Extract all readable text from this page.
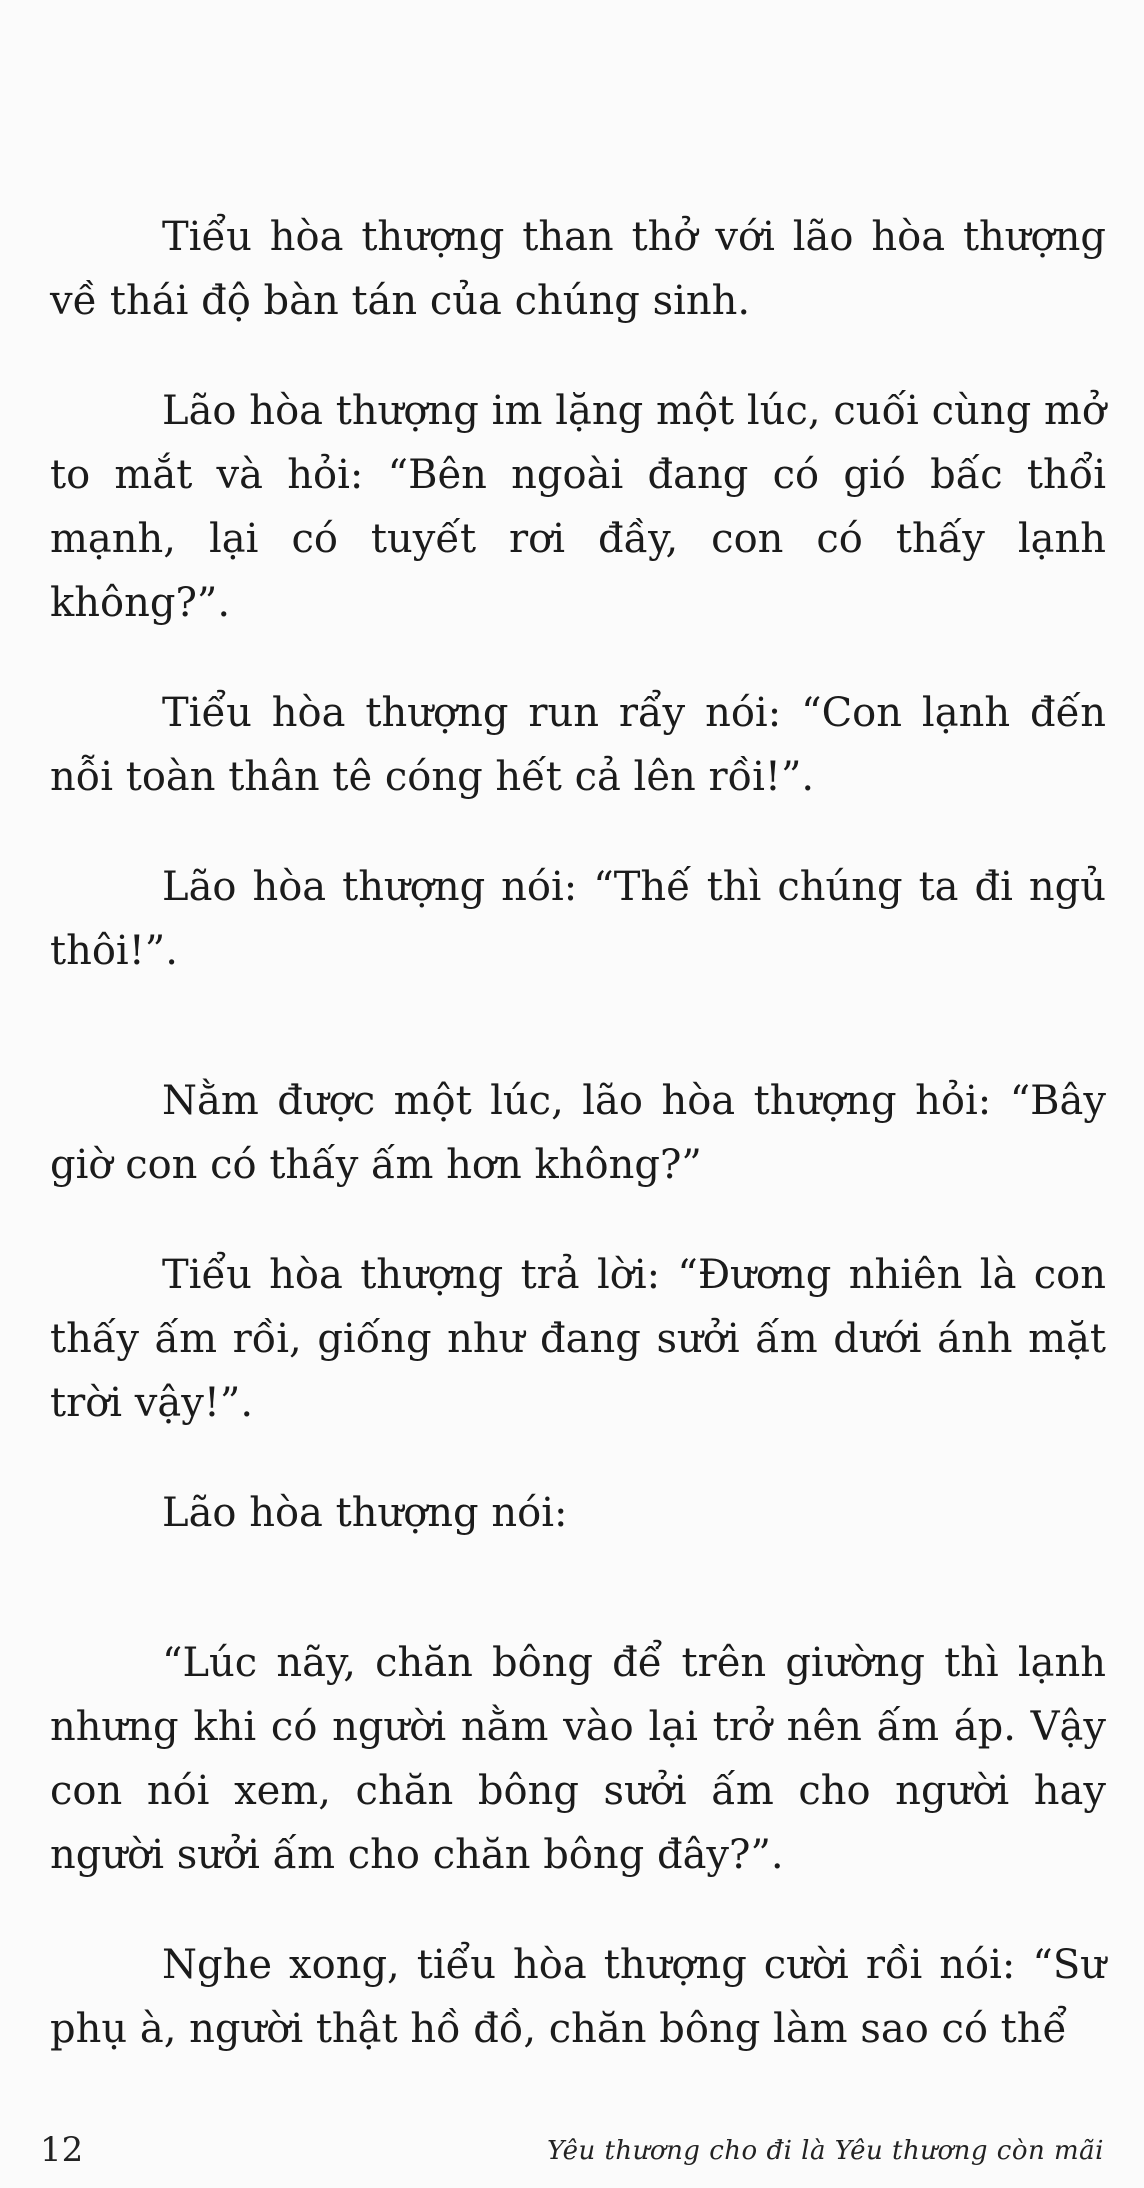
Tiểu hòa thượng than thở với lão hòa thượng về thái độ bàn tán của chúng sinh.

Lão hòa thượng im lặng một lúc, cuối cùng mở to mắt và hỏi: “Bên ngoài đang có gió bấc thổi mạnh, lại có tuyết rơi đầy, con có thấy lạnh không?”.

Tiểu hòa thượng run rẩy nói: “Con lạnh đến nỗi toàn thân tê cóng hết cả lên rồi!”.

Lão hòa thượng nói: “Thế thì chúng ta đi ngủ thôi!”.

Nằm được một lúc, lão hòa thượng hỏi: “Bây giờ con có thấy ấm hơn không?”

Tiểu hòa thượng trả lời: “Đương nhiên là con thấy ấm rồi, giống như đang sưởi ấm dưới ánh mặt trời vậy!”.

Lão hòa thượng nói:

“Lúc nãy, chăn bông để trên giường thì lạnh nhưng khi có người nằm vào lại trở nên ấm áp. Vậy con nói xem, chăn bông sưởi ấm cho người hay người sưởi ấm cho chăn bông đây?”.

Nghe xong, tiểu hòa thượng cười rồi nói: “Sư phụ à, người thật hồ đồ, chăn bông làm sao có thể

12	Yêu thương cho đi là Yêu thương còn mãi
